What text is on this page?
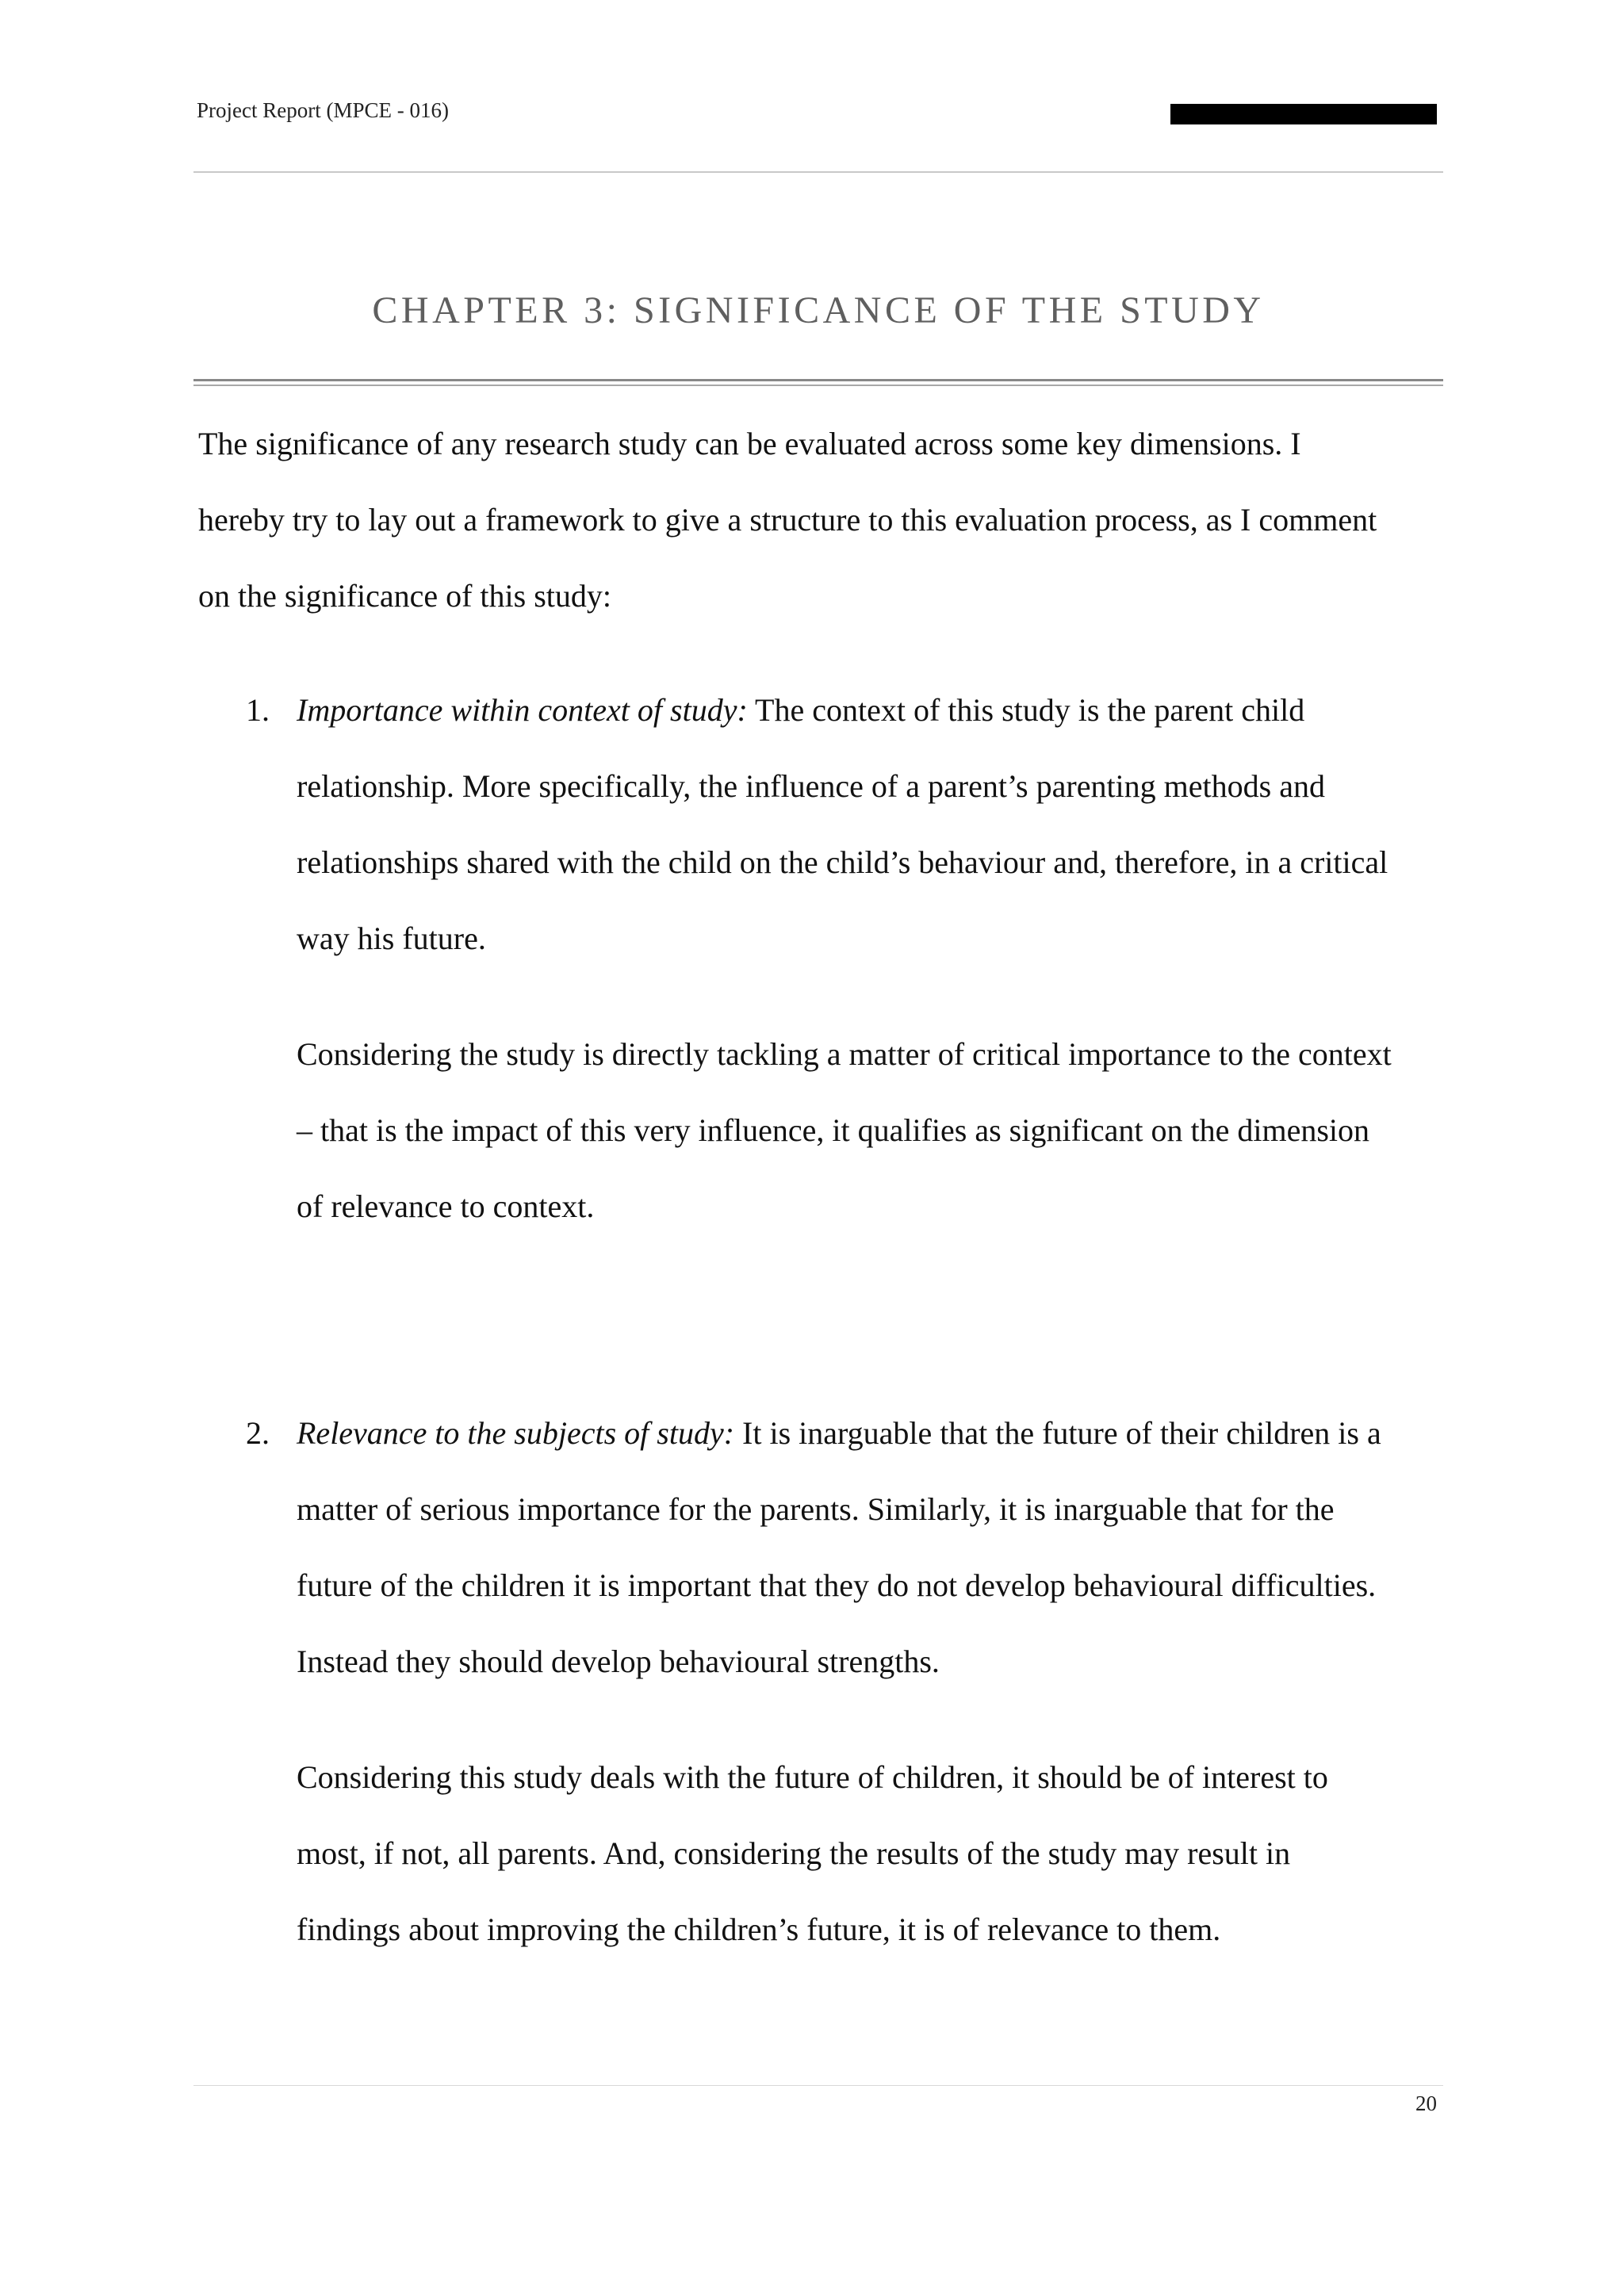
Project Report (MPCE - 016)
CHAPTER 3: SIGNIFICANCE OF THE STUDY
The significance of any research study can be evaluated across some key dimensions. I
hereby try to lay out a framework to give a structure to this evaluation process, as I comment
on the significance of this study:
1. Importance within context of study: The context of this study is the parent child
relationship. More specifically, the influence of a parent’s parenting methods and
relationships shared with the child on the child’s behaviour and, therefore, in a critical
way his future.
Considering the study is directly tackling a matter of critical importance to the context
– that is the impact of this very influence, it qualifies as significant on the dimension
of relevance to context.
2. Relevance to the subjects of study: It is inarguable that the future of their children is a
matter of serious importance for the parents. Similarly, it is inarguable that for the
future of the children it is important that they do not develop behavioural difficulties.
Instead they should develop behavioural strengths.
Considering this study deals with the future of children, it should be of interest to
most, if not, all parents. And, considering the results of the study may result in
findings about improving the children’s future, it is of relevance to them.
20
